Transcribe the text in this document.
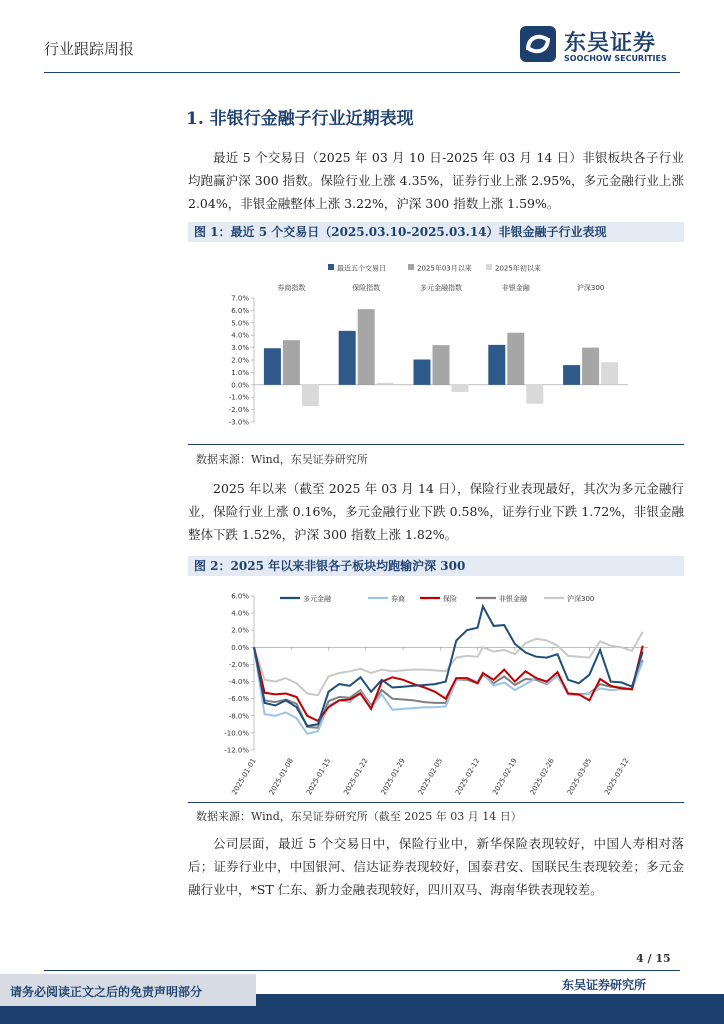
行业跟踪周报	东吴证券
SOOCHOW SECURITIES
1. 非银行金融子行业近期表现
最近 5 个交易日（2025 年 03 月 10 日-2025 年 03 月 14 日）非银板块各子行业均跑赢沪深 300 指数。保险行业上涨 4.35%，证券行业上涨 2.95%，多元金融行业上涨 2.04%，非银金融整体上涨 3.22%，沪深 300 指数上涨 1.59%。
图 1：最近 5 个交易日（2025.03.10-2025.03.14）非银金融子行业表现
最近五个交易日	2025年03月以来	2025年初以来
7.0%
6.0%
5.0%
4.0%
3.0%
2.0%
1.0%
0.0%
-1.0%
-2.0%
-3.0%
券商指数	保险指数	多元金融指数	非银金融	沪深300
数据来源：Wind，东吴证券研究所
2025 年以来（截至 2025 年 03 月 14 日），保险行业表现最好，其次为多元金融行业，保险行业上涨 0.16%，多元金融行业下跌 0.58%，证券行业下跌 1.72%，非银金融整体下跌 1.52%，沪深 300 指数上涨 1.82%。
图 2：2025 年以来非银各子板块均跑输沪深 300
6.0%
4.0%
2.0%
0.0%
-2.0%
-4.0%
-6.0%
-8.0%
-10.0%
-12.0%
2025-01-01 2025-01-08 2025-01-15 2025-01-22 2025-01-29 2025-02-05 2025-02-12 2025-02-19 2025-02-26 2025-03-05 2025-03-12
多元金融	券商	保险	非银金融	沪深300
数据来源：Wind，东吴证券研究所（截至 2025 年 03 月 14 日）
公司层面，最近 5 个交易日中，保险行业中，新华保险表现较好，中国人寿相对落后；证券行业中，中国银河、信达证券表现较好，国泰君安、国联民生表现较差；多元金融行业中，*ST 仁东、新力金融表现较好，四川双马、海南华铁表现较差。
4 / 15
东吴证券研究所
请务必阅读正文之后的免责声明部分
